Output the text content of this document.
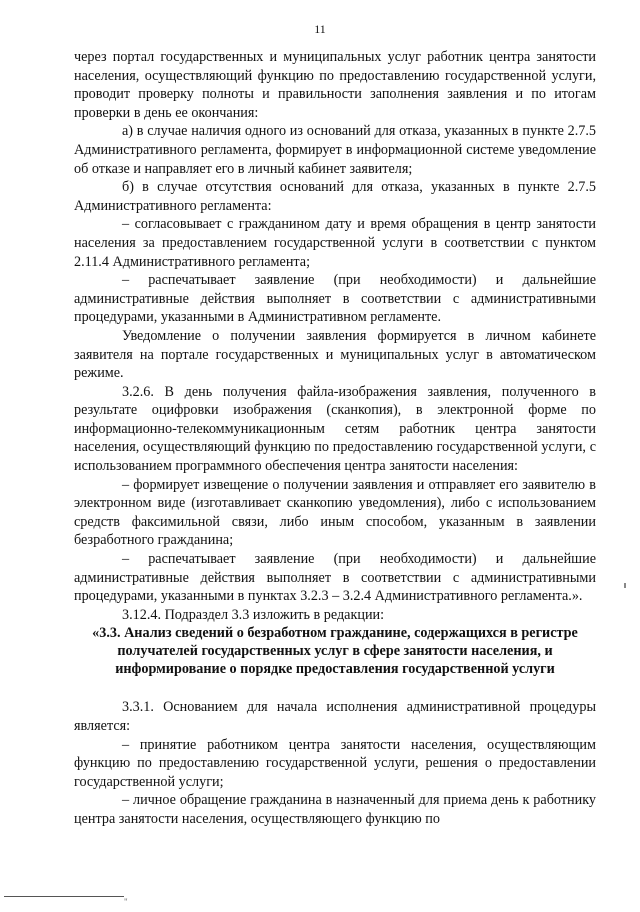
11

через портал государственных и муниципальных услуг работник центра занятости населения, осуществляющий функцию по предоставлению государственной услуги, проводит проверку полноты и правильности заполнения заявления и по итогам проверки в день ее окончания:

а) в случае наличия одного из оснований для отказа, указанных в пункте 2.7.5 Административного регламента, формирует в информационной системе уведомление об отказе и направляет его в личный кабинет заявителя;

б) в случае отсутствия оснований для отказа, указанных в пункте 2.7.5 Административного регламента:

– согласовывает с гражданином дату и время обращения в центр занятости населения за предоставлением государственной услуги в соответствии с пунктом 2.11.4 Административного регламента;

– распечатывает заявление (при необходимости) и дальнейшие административные действия выполняет в соответствии с административными процедурами, указанными в Административном регламенте.

Уведомление о получении заявления формируется в личном кабинете заявителя на портале государственных и муниципальных услуг в автоматическом режиме.

3.2.6. В день получения файла-изображения заявления, полученного в результате оцифровки изображения (сканкопия), в электронной форме по информационно-телекоммуникационным сетям работник центра занятости населения, осуществляющий функцию по предоставлению государственной услуги, с использованием программного обеспечения центра занятости населения:

– формирует извещение о получении заявления и отправляет его заявителю в электронном виде (изготавливает сканкопию уведомления), либо с использованием средств факсимильной связи, либо иным способом, указанным в заявлении безработного гражданина;

– распечатывает заявление (при необходимости) и дальнейшие административные действия выполняет в соответствии с административными процедурами, указанными в пунктах 3.2.3 – 3.2.4 Административного регламента.».

3.12.4. Подраздел 3.3 изложить в редакции:

«3.3. Анализ сведений о безработном гражданине, содержащихся в регистре получателей государственных услуг в сфере занятости населения, и информирование о порядке предоставления государственной услуги

3.3.1. Основанием для начала исполнения административной процедуры является:

– принятие работником центра занятости населения, осуществляющим функцию по предоставлению государственной услуги, решения о предоставлении государственной услуги;

– личное обращение гражданина в назначенный для приема день к работнику центра занятости населения, осуществляющего функцию по

"
